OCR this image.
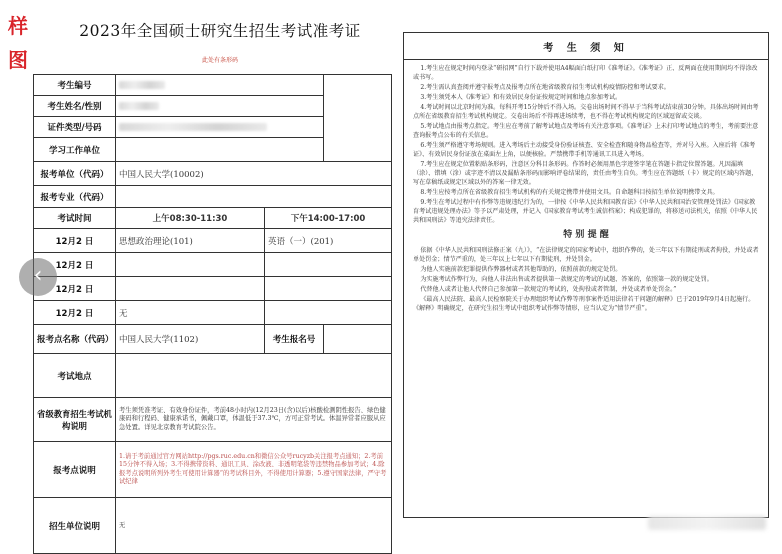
样
图
2023年全国硕士研究生招生考试准考证
此处有条形码
考生编号			
考生姓名/性别			
证件类型/号码			
学习工作单位			
报考单位（代码）	中国人民大学(10002)		
报考专业（代码）			
考试时间	上午08:30-11:30	下午14:00-17:00	
12月2 日	思想政治理论(101)	英语（一）(201)	
12月2 日			
12月2 日			
12月2 日	无		
报考点名称（代码）	中国人民大学(1102)	考生报名号	
考试地点			
省级教育招生考试机构说明	考生须凭准考证、有效身份证件，考前48小时内(12月23日(含)以后)核酸检测阴性报告、绿色健康码和行程码、健康承诺书，佩戴口罩，体温低于37.3℃，方可正常考试。体温异常者应服从应急处置。详见北京教育考试院公告。		

报考点说明	1.请于考前通过官方网站http://pgs.ruc.edu.cn和微信公众号rucyzb关注报考点通知；2.考前15分钟不得入场；3.不得携带资料、通讯工具、涂改液、非透明笔袋等违禁物品参加考试；4.除报考点说明所列外考生可使用计算器“的考试科目外，不得使用计算器；5.遵守国家法律，严守考试纪律		

招生单位说明	无		
考 生 须 知

1.考生应在规定时间内登录“研招网”自行下载并使用A4幅面白纸打印《准考证》。《准考证》正、反两面在使用期间均不得涂改或书写。

2.考生需认真查阅并遵守报考点及报考点所在地省级教育招生考试机构疫情防控和考试要求。

3.考生须凭本人《准考证》和有效居民身份证按规定时间和地点参加考试。

4.考试时间以北京时间为准。每科开考15分钟后不得入场。交卷出场时间不得早于当科考试结束前30分钟。具体出场时间由考点所在省级教育招生考试机构规定。交卷出场后不得再进场续考，也不得在考试机构规定的区域逗留或交谈。

5.考试地点由报考点指定。考生应在考前了解考试地点及考场有关注意事项。《准考证》上未打印考试地点的考生，考前要注意查询报考点公布的有关信息。

6.考生须严格遵守考场规则。进入考场后主动接受身份验证核查、安全检查和随身物品检查等，并对号入座。入座后将《准考证》、有效居民身份证放在桌面左上角，以便核验。严禁携带手机等通讯工具进入考场。

7.考生应在规定位置粘贴条形码，注意区分科目条形码。作答时必须用黑色字迹签字笔在答题卡指定位置答题。凡因漏填（涂）、错填（涂）或字迹不清以及漏贴条形码而影响评卷结果的，责任由考生自负。考生应在答题纸（卡）规定的区域内答题，写在草稿纸或规定区域以外的答案一律无效。

8.考生应按考点所在省级教育招生考试机构的有关规定携带并使用文具。自命题科目按招生单位说明携带文具。

9.考生在考试过程中有作弊等违规违纪行为的，一律按《中华人民共和国教育法》《中华人民共和国治安管理处罚法》《国家教育考试违规处理办法》等予以严肃处理，并记入《国家教育考试考生诚信档案》；构成犯罪的，将移送司法机关，依照《中华人民共和国刑法》等追究法律责任。

特 别 提 醒

依据《中华人民共和国刑法修正案（九）》，“在法律规定的国家考试中，组织作弊的，处三年以下有期徒刑或者拘役，并处或者单处罚金；情节严重的，处三年以上七年以下有期徒刑，并处罚金。

为他人实施前款犯罪提供作弊器材或者其他帮助的，依照前款的规定处罚。

为实施考试作弊行为，向他人非法出售或者提供第一款规定的考试的试题、答案的，依照第一款的规定处罚。

代替他人或者让他人代替自己参加第一款规定的考试的，处拘役或者管制，并处或者单处罚金。”

《最高人民法院、最高人民检察院关于办理组织考试作弊等刑事案件适用法律若干问题的解释》已于2019年9月4日起施行。《解释》明确规定，在研究生招生考试中组织考试作弊等情形，应当认定为“情节严重”。

‹
